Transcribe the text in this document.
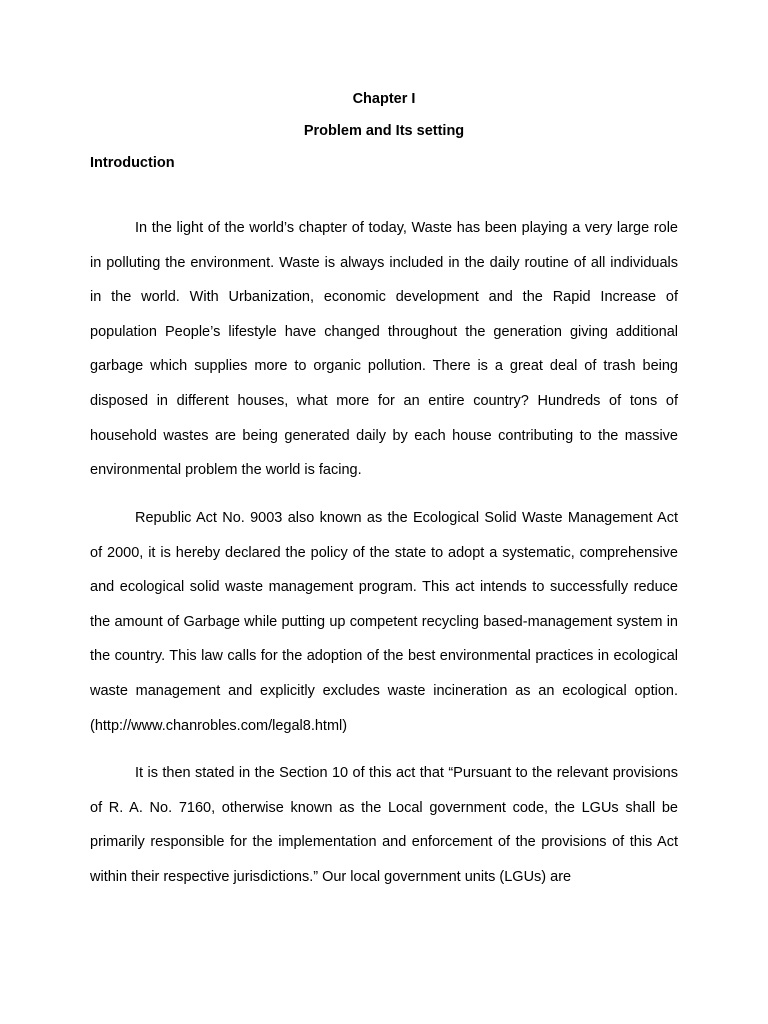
Chapter I
Problem and Its setting
Introduction

In the light of the world’s chapter of today, Waste has been playing a very large role in polluting the environment. Waste is always included in the daily routine of all individuals in the world. With Urbanization, economic development and the Rapid Increase of population People’s lifestyle have changed throughout the generation giving additional garbage which supplies more to organic pollution. There is a great deal of trash being disposed in different houses, what more for an entire country? Hundreds of tons of household wastes are being generated daily by each house contributing to the massive environmental problem the world is facing.

Republic Act No. 9003 also known as the Ecological Solid Waste Management Act of 2000, it is hereby declared the policy of the state to adopt a systematic, comprehensive and ecological solid waste management program. This act intends to successfully reduce the amount of Garbage while putting up competent recycling based-management system in the country. This law calls for the adoption of the best environmental practices in ecological waste management and explicitly excludes waste incineration as an ecological option. (http://www.chanrobles.com/legal8.html)

It is then stated in the Section 10 of this act that “Pursuant to the relevant provisions of R. A. No. 7160, otherwise known as the Local government code, the LGUs shall be primarily responsible for the implementation and enforcement of the provisions of this Act within their respective jurisdictions.” Our local government units (LGUs) are
